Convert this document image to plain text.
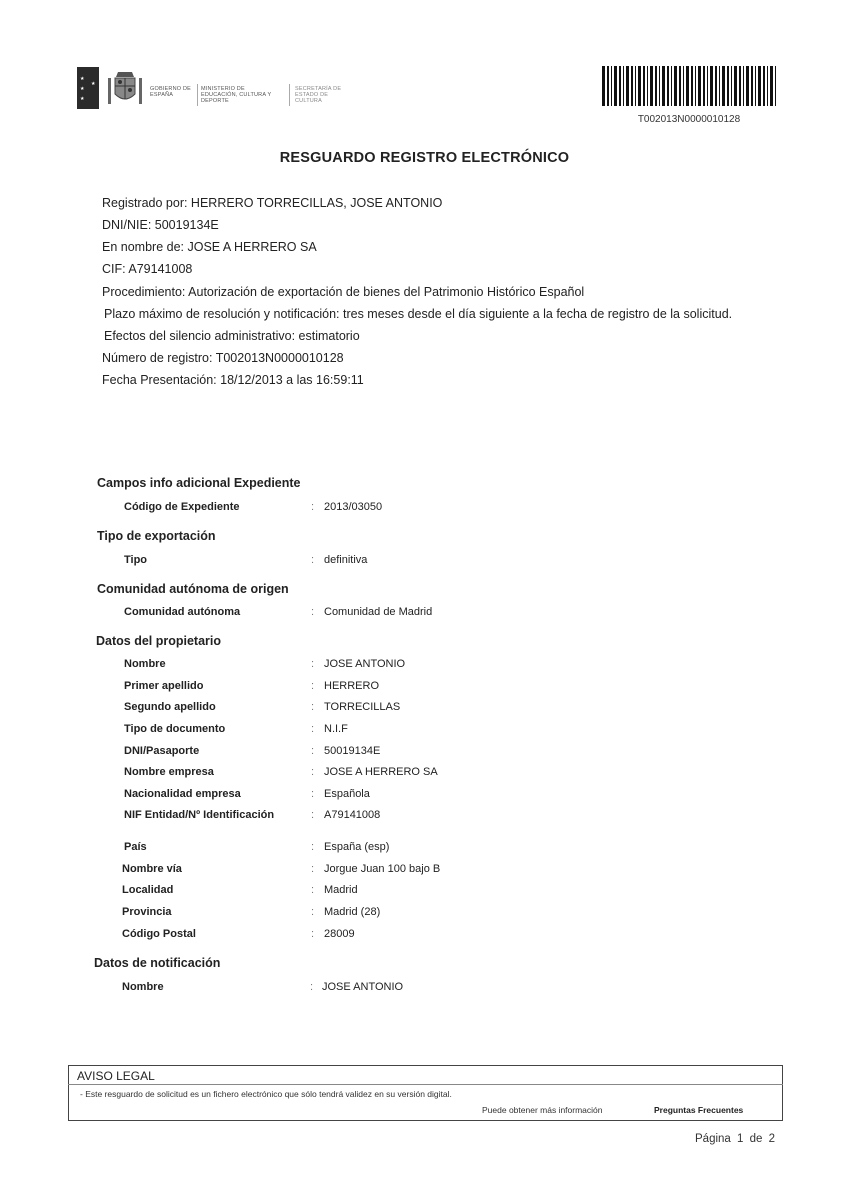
★
★
★
★
GOBIERNO DE ESPAÑA
MINISTERIO DE EDUCACIÓN, CULTURA Y DEPORTE
SECRETARÍA DE ESTADO DE CULTURA
T002013N0000010128
RESGUARDO REGISTRO ELECTRÓNICO
Registrado por: HERRERO TORRECILLAS, JOSE ANTONIO
DNI/NIE: 50019134E
En nombre de: JOSE A HERRERO SA
CIF: A79141008
Procedimiento: Autorización de exportación de bienes del Patrimonio Histórico Español
Plazo máximo de resolución y notificación: tres meses desde el día siguiente a la fecha de registro de la solicitud.
Efectos del silencio administrativo: estimatorio
Número de registro: T002013N0000010128
Fecha Presentación: 18/12/2013 a las 16:59:11
Campos info adicional Expediente
Código de Expediente	: 2013/03050
Tipo de exportación
Tipo	: definitiva
Comunidad autónoma de origen
Comunidad autónoma	: Comunidad de Madrid
Datos del propietario
Nombre	: JOSE ANTONIO
Primer apellido	: HERRERO
Segundo apellido	: TORRECILLAS
Tipo de documento	: N.I.F
DNI/Pasaporte	: 50019134E
Nombre empresa	: JOSE A HERRERO SA
Nacionalidad empresa	: Española
NIF Entidad/Nº Identificación	: A79141008
País	: España (esp)
Nombre vía	: Jorgue Juan 100 bajo B
Localidad	: Madrid
Provincia	: Madrid (28)
Código Postal	: 28009
Datos de notificación
Nombre	: JOSE ANTONIO
AVISO LEGAL
- Este resguardo de solicitud es un fichero electrónico que sólo tendrá validez en su versión digital.
Puede obtener más información	Preguntas Frecuentes
Página 1 de 2
